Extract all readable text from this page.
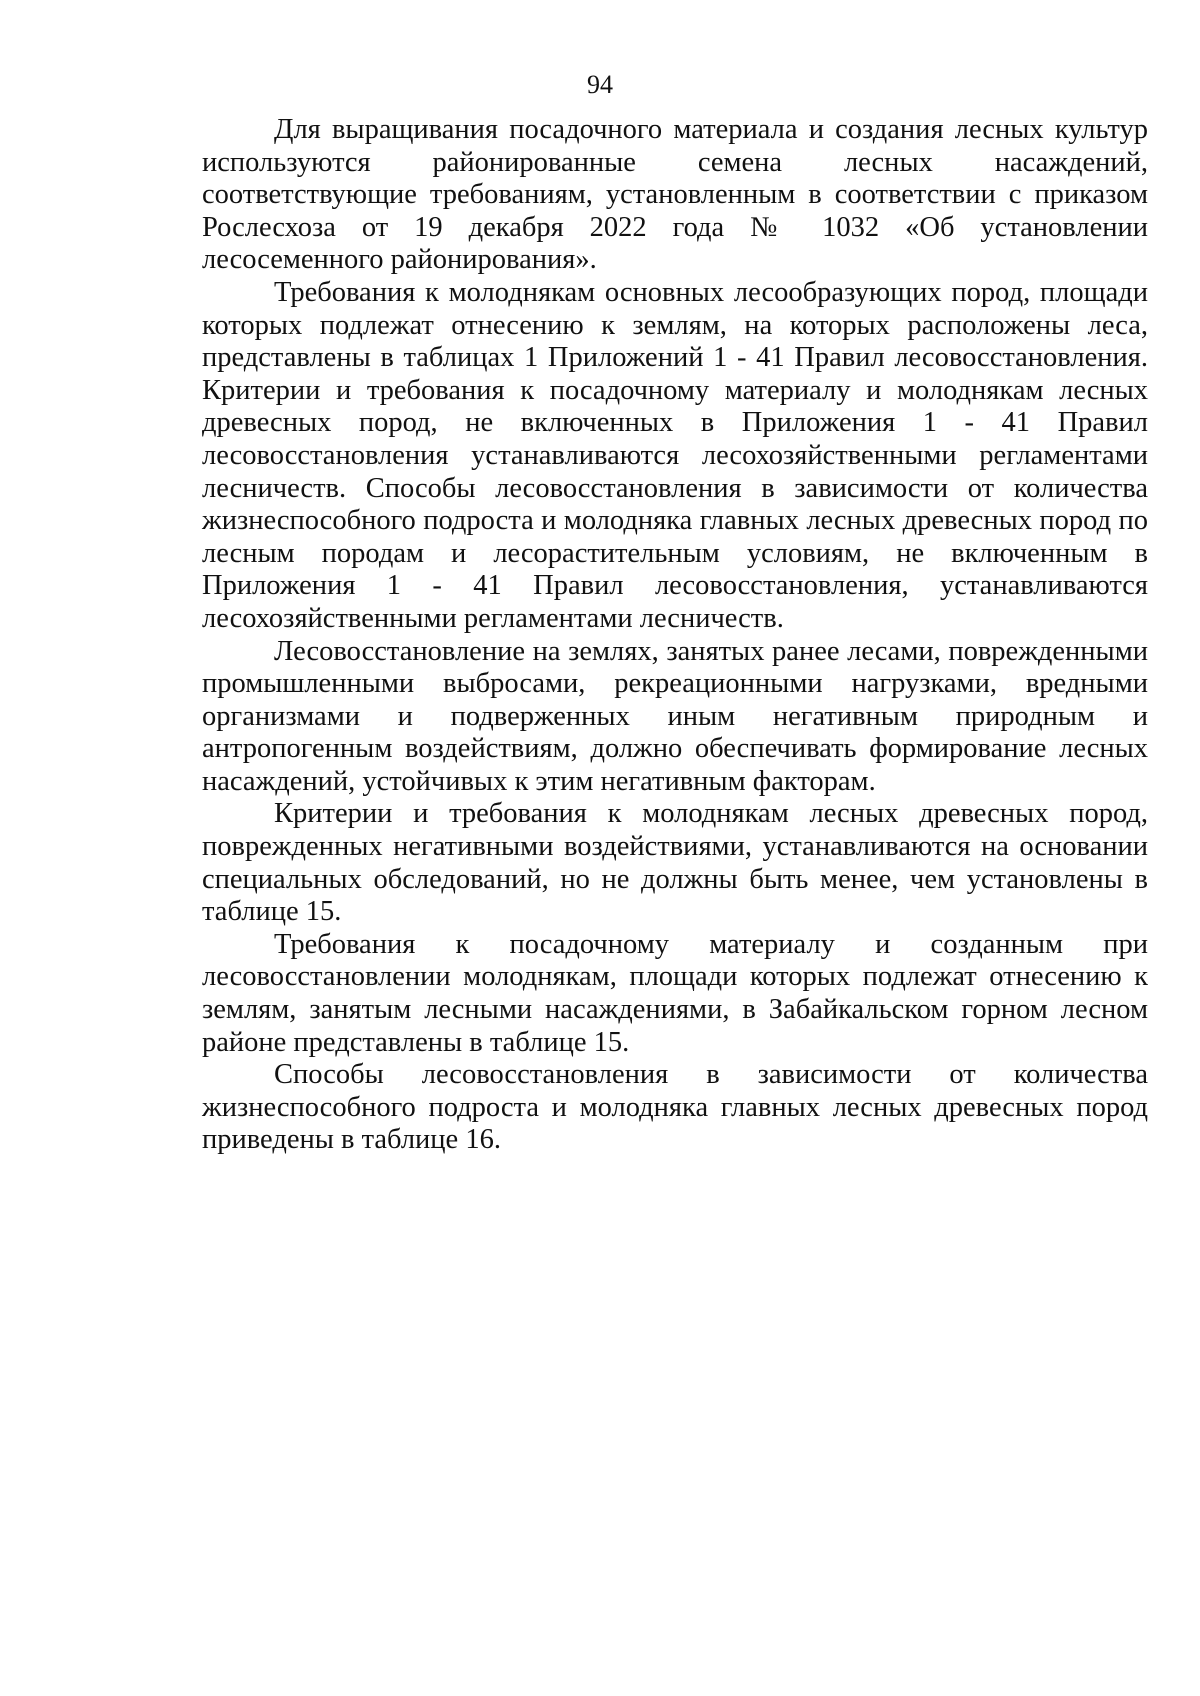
94

Для выращивания посадочного материала и создания лесных культур используются районированные семена лесных насаждений, соответствующие требованиям, установленным в соответствии с приказом Рослесхоза от 19 декабря 2022 года № 1032 «Об установлении лесосеменного районирования».

Требования к молоднякам основных лесообразующих пород, площади которых подлежат отнесению к землям, на которых расположены леса, представлены в таблицах 1 Приложений 1 - 41 Правил лесовосстановления. Критерии и требования к посадочному материалу и молоднякам лесных древесных пород, не включенных в Приложения 1 - 41 Правил лесовосстановления устанавливаются лесохозяйственными регламентами лесничеств. Способы лесовосстановления в зависимости от количества жизнеспособного подроста и молодняка главных лесных древесных пород по лесным породам и лесорастительным условиям, не включенным в Приложения 1 - 41 Правил лесовосстановления, устанавливаются лесохозяйственными регламентами лесничеств.

Лесовосстановление на землях, занятых ранее лесами, поврежденными промышленными выбросами, рекреационными нагрузками, вредными организмами и подверженных иным негативным природным и антропогенным воздействиям, должно обеспечивать формирование лесных насаждений, устойчивых к этим негативным факторам.

Критерии и требования к молоднякам лесных древесных пород, поврежденных негативными воздействиями, устанавливаются на основании специальных обследований, но не должны быть менее, чем установлены в таблице 15.

Требования к посадочному материалу и созданным при лесовосстановлении молоднякам, площади которых подлежат отнесению к землям, занятым лесными насаждениями, в Забайкальском горном лесном районе представлены в таблице 15.

Способы лесовосстановления в зависимости от количества жизнеспособного подроста и молодняка главных лесных древесных пород приведены в таблице 16.
